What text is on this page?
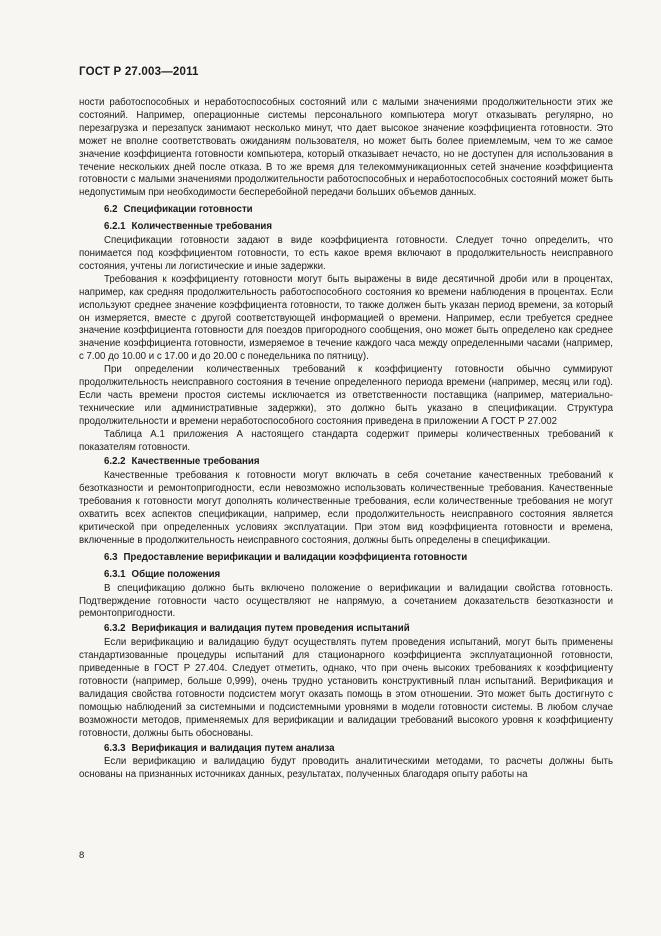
ГОСТ Р 27.003—2011

ности работоспособных и неработоспособных состояний или с малыми значениями продолжительности этих же состояний. Например, операционные системы персонального компьютера могут отказывать регулярно, но перезагрузка и перезапуск занимают несколько минут, что дает высокое значение коэффициента готовности. Это может не вполне соответствовать ожиданиям пользователя, но может быть более приемлемым, чем то же самое значение коэффициента готовности компьютера, который отказывает нечасто, но не доступен для использования в течение нескольких дней после отказа. В то же время для телекоммуникационных сетей значение коэффициента готовности с малыми значениями продолжительности работоспособных и неработоспособных состояний может быть недопустимым при необходимости бесперебойной передачи больших объемов данных.

6.2 Спецификации готовности
6.2.1 Количественные требования

Спецификации готовности задают в виде коэффициента готовности. Следует точно определить, что понимается под коэффициентом готовности, то есть какое время включают в продолжительность неисправного состояния, учтены ли логистические и иные задержки.

Требования к коэффициенту готовности могут быть выражены в виде десятичной дроби или в процентах, например, как средняя продолжительность работоспособного состояния ко времени наблюдения в процентах. Если используют среднее значение коэффициента готовности, то также должен быть указан период времени, за который он измеряется, вместе с другой соответствующей информацией о времени. Например, если требуется среднее значение коэффициента готовности для поездов пригородного сообщения, оно может быть определено как среднее значение коэффициента готовности, измеряемое в течение каждого часа между определенными часами (например, с 7.00 до 10.00 и с 17.00 и до 20.00 с понедельника по пятницу).

При определении количественных требований к коэффициенту готовности обычно суммируют продолжительность неисправного состояния в течение определенного периода времени (например, месяц или год). Если часть времени простоя системы исключается из ответственности поставщика (например, материально-технические или административные задержки), это должно быть указано в спецификации. Структура продолжительности и времени неработоспособного состояния приведена в приложении А ГОСТ Р 27.002

Таблица А.1 приложения А настоящего стандарта содержит примеры количественных требований к показателям готовности.

6.2.2 Качественные требования

Качественные требования к готовности могут включать в себя сочетание качественных требований к безотказности и ремонтопригодности, если невозможно использовать количественные требования. Качественные требования к готовности могут дополнять количественные требования, если количественные требования не могут охватить всех аспектов спецификации, например, если продолжительность неисправного состояния является критической при определенных условиях эксплуатации. При этом вид коэффициента готовности и времена, включенные в продолжительность неисправного состояния, должны быть определены в спецификации.

6.3 Предоставление верификации и валидации коэффициента готовности
6.3.1 Общие положения

В спецификацию должно быть включено положение о верификации и валидации свойства готовность. Подтверждение готовности часто осуществляют не напрямую, а сочетанием доказательств безотказности и ремонтопригодности.

6.3.2 Верификация и валидация путем проведения испытаний

Если верификацию и валидацию будут осуществлять путем проведения испытаний, могут быть применены стандартизованные процедуры испытаний для стационарного коэффициента эксплуатационной готовности, приведенные в ГОСТ Р 27.404. Следует отметить, однако, что при очень высоких требованиях к коэффициенту готовности (например, больше 0,999), очень трудно установить конструктивный план испытаний. Верификация и валидация свойства готовности подсистем могут оказать помощь в этом отношении. Это может быть достигнуто с помощью наблюдений за системными и подсистемными уровнями в модели готовности системы. В любом случае возможности методов, применяемых для верификации и валидации требований высокого уровня к коэффициенту готовности, должны быть обоснованы.

6.3.3 Верификация и валидация путем анализа

Если верификацию и валидацию будут проводить аналитическими методами, то расчеты должны быть основаны на признанных источниках данных, результатах, полученных благодаря опыту работы на

8
